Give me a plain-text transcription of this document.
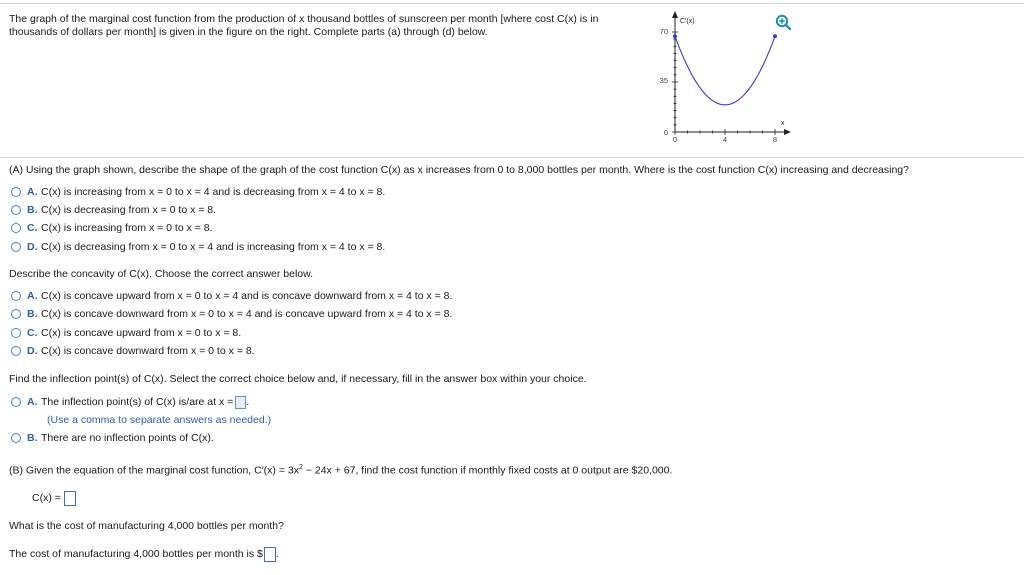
The graph of the marginal cost function from the production of x thousand bottles of sunscreen per month [where cost C(x) is in thousands of dollars per month] is given in the figure on the right. Complete parts (a) through (d) below.
C'(x)
x
70
35
0
0	4	8
(A) Using the graph shown, describe the shape of the graph of the cost function C(x) as x increases from 0 to 8,000 bottles per month. Where is the cost function C(x) increasing and decreasing?
A. C(x) is increasing from x = 0 to x = 4 and is decreasing from x = 4 to x = 8.
B. C(x) is decreasing from x = 0 to x = 8.
C. C(x) is increasing from x = 0 to x = 8.
D. C(x) is decreasing from x = 0 to x = 4 and is increasing from x = 4 to x = 8.
Describe the concavity of C(x). Choose the correct answer below.
A. C(x) is concave upward from x = 0 to x = 4 and is concave downward from x = 4 to x = 8.
B. C(x) is concave downward from x = 0 to x = 4 and is concave upward from x = 4 to x = 8.
C. C(x) is concave upward from x = 0 to x = 8.
D. C(x) is concave downward from x = 0 to x = 8.
Find the inflection point(s) of C(x). Select the correct choice below and, if necessary, fill in the answer box within your choice.
A. The inflection point(s) of C(x) is/are at x = .
(Use a comma to separate answers as needed.)
B. There are no inflection points of C(x).
(B) Given the equation of the marginal cost function, $C'(x) = 3x^2 - 24x + 67$, find the cost function if monthly fixed costs at 0 output are $20,000.
C(x) =
What is the cost of manufacturing 4,000 bottles per month?
The cost of manufacturing 4,000 bottles per month is $ .
